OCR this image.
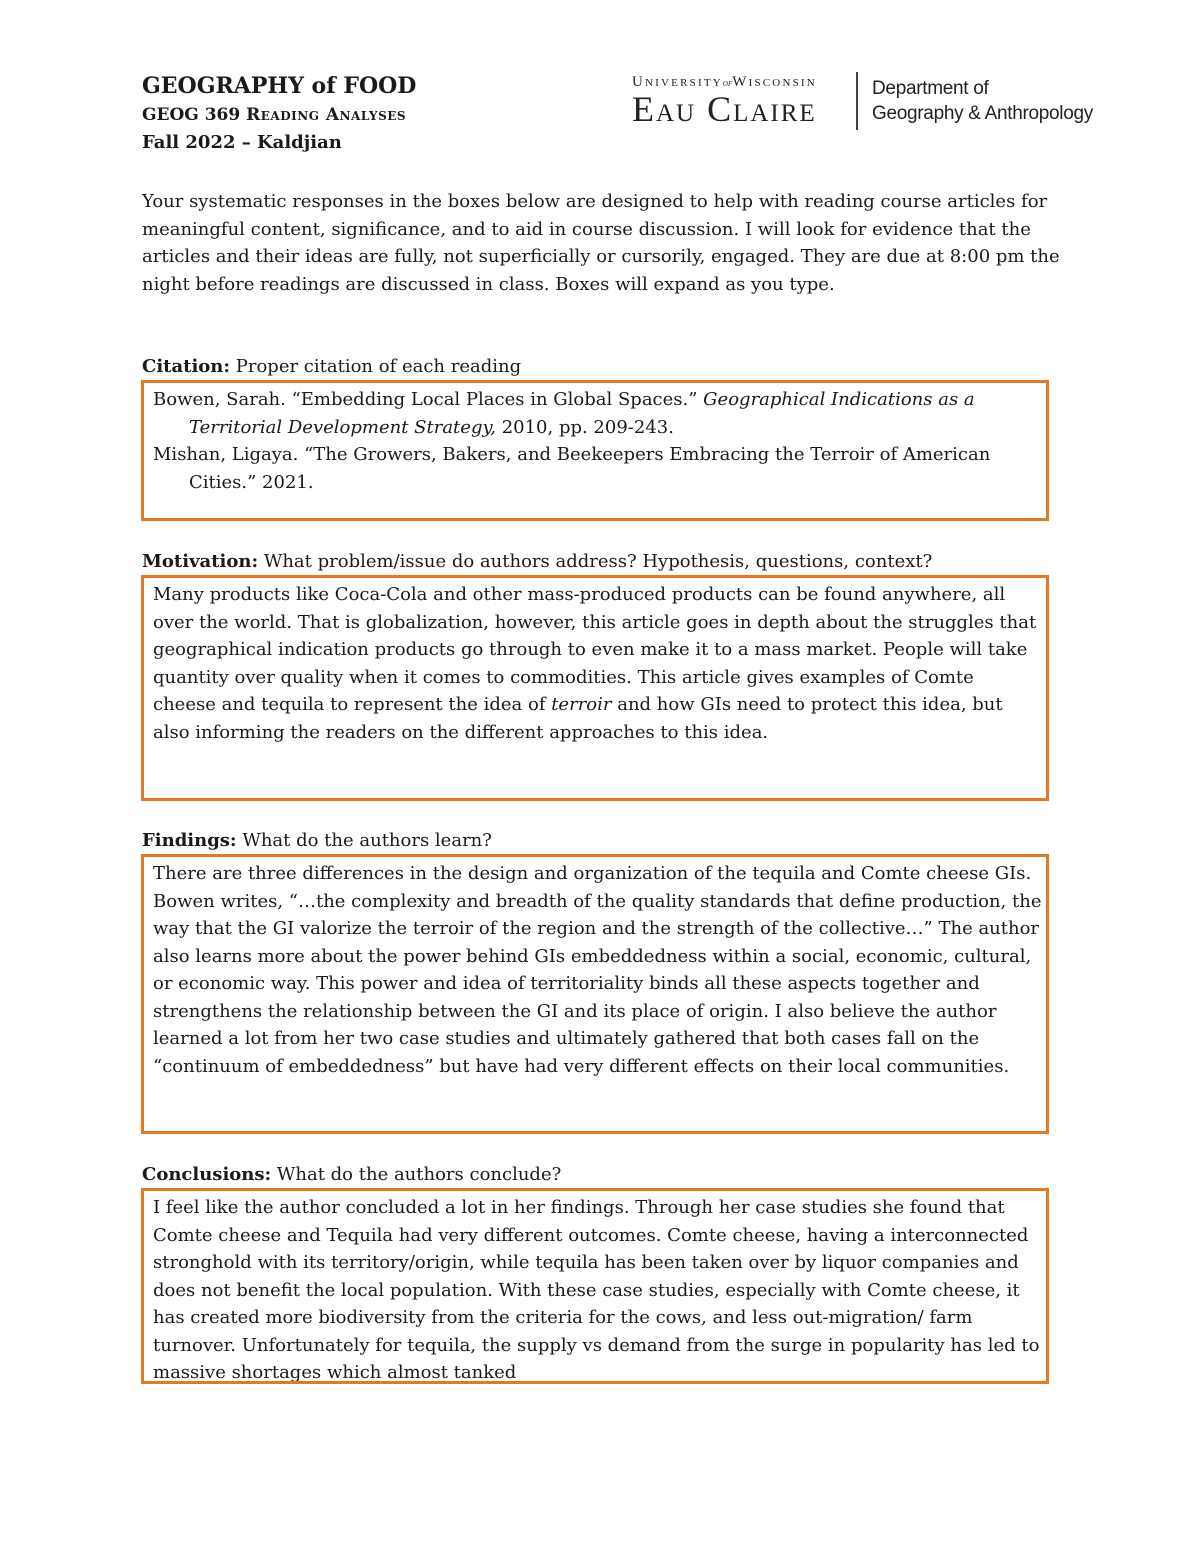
GEOGRAPHY of FOOD

GEOG 369 Reading Analyses

Fall 2022 – Kaldjian

UniversityofWisconsin
Eau Claire
Department of
Geography & Anthropology

Your systematic responses in the boxes below are designed to help with reading course articles for meaningful content, significance, and to aid in course discussion. I will look for evidence that the articles and their ideas are fully, not superficially or cursorily, engaged. They are due at 8:00 pm the night before readings are discussed in class. Boxes will expand as you type.

Citation: Proper citation of each reading

Bowen, Sarah. “Embedding Local Places in Global Spaces.” Geographical Indications as a Territorial Development Strategy, 2010, pp. 209-243.

Mishan, Ligaya. “The Growers, Bakers, and Beekeepers Embracing the Terroir of American Cities.” 2021.

Motivation: What problem/issue do authors address? Hypothesis, questions, context?

Many products like Coca-Cola and other mass-produced products can be found anywhere, all over the world. That is globalization, however, this article goes in depth about the struggles that geographical indication products go through to even make it to a mass market. People will take quantity over quality when it comes to commodities. This article gives examples of Comte cheese and tequila to represent the idea of terroir and how GIs need to protect this idea, but also informing the readers on the different approaches to this idea.

Findings: What do the authors learn?

There are three differences in the design and organization of the tequila and Comte cheese GIs. Bowen writes, “…the complexity and breadth of the quality standards that define production, the way that the GI valorize the terroir of the region and the strength of the collective…” The author also learns more about the power behind GIs embeddedness within a social, economic, cultural, or economic way. This power and idea of territoriality binds all these aspects together and strengthens the relationship between the GI and its place of origin. I also believe the author learned a lot from her two case studies and ultimately gathered that both cases fall on the “continuum of embeddedness” but have had very different effects on their local communities.

Conclusions: What do the authors conclude?

I feel like the author concluded a lot in her findings. Through her case studies she found that Comte cheese and Tequila had very different outcomes. Comte cheese, having a interconnected stronghold with its territory/origin, while tequila has been taken over by liquor companies and does not benefit the local population. With these case studies, especially with Comte cheese, it has created more biodiversity from the criteria for the cows, and less out-migration/ farm turnover. Unfortunately for tequila, the supply vs demand from the surge in popularity has led to massive shortages which almost tanked
